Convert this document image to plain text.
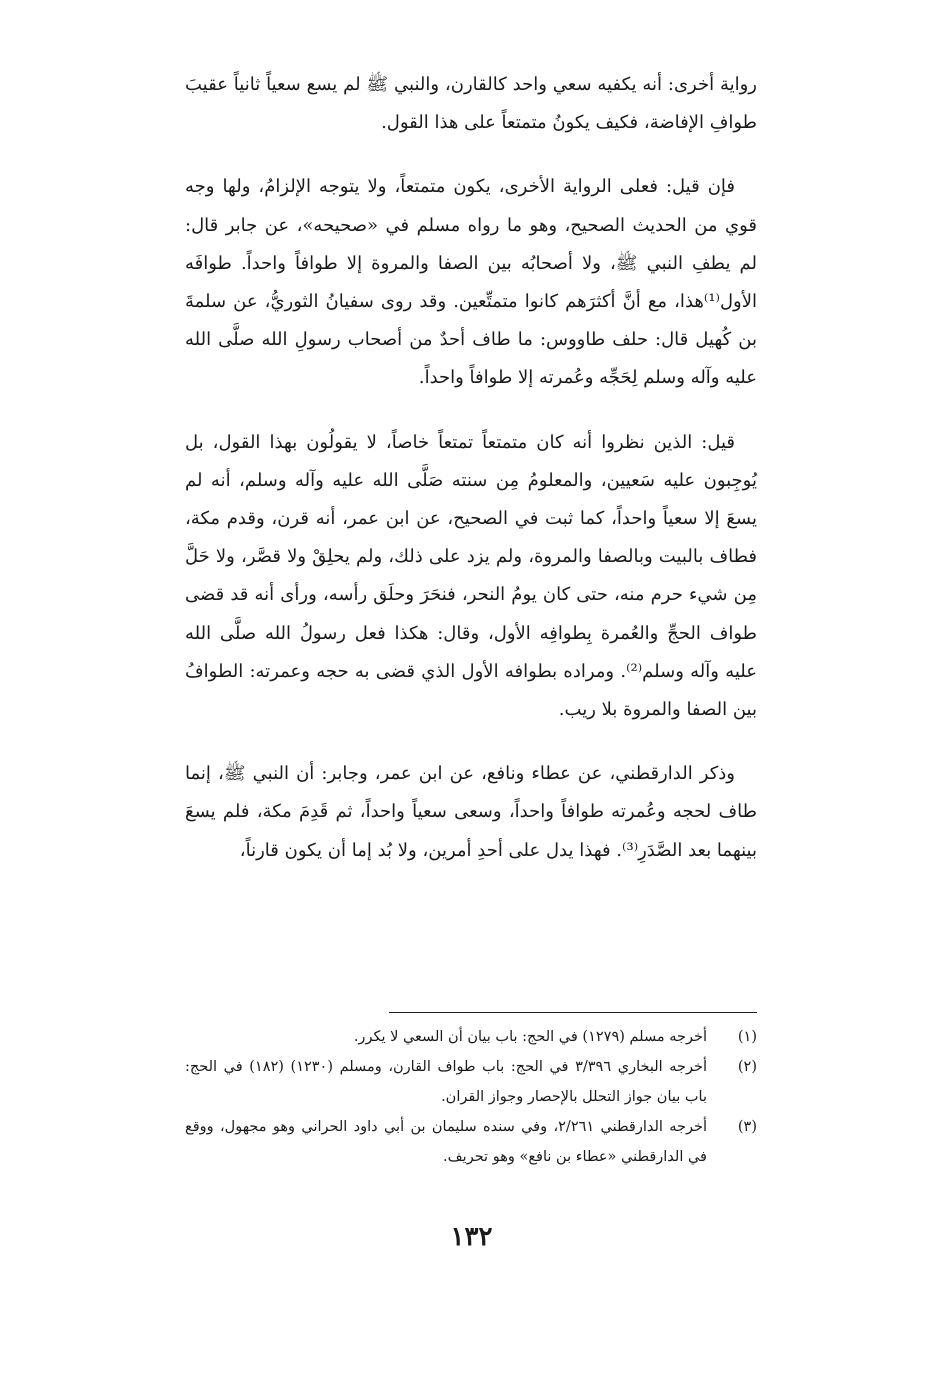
رواية أخرى: أنه يكفيه سعي واحد كالقارن، والنبي ﷺ لم يسع سعياً ثانياً عقيبَ طوافِ الإفاضة، فكيف يكونُ متمتعاً على هذا القول.

فإن قيل: فعلى الرواية الأخرى، يكون متمتعاً، ولا يتوجه الإلزامُ، ولها وجه قوي من الحديث الصحيح، وهو ما رواه مسلم في «صحيحه»، عن جابر قال: لم يطفِ النبي ﷺ، ولا أصحابُه بين الصفا والمروة إلا طوافاً واحداً. طوافَه الأول⁽¹⁾هذا، مع أنَّ أكثرَهم كانوا متمتِّعين. وقد روى سفيانُ الثوريُّ، عن سلمةَ بن كُهيل قال: حلف طاووس: ما طاف أحدٌ من أصحاب رسولِ الله صلَّى الله عليه وآله وسلم لِحَجِّه وعُمرته إلا طوافاً واحداً.

قيل: الذين نظروا أنه كان متمتعاً تمتعاً خاصاً، لا يقولُون بهذا القول، بل يُوجِبون عليه سَعيين، والمعلومُ مِن سنته صَلَّى الله عليه وآله وسلم، أنه لم يسعَ إلا سعياً واحداً، كما ثبت في الصحيح، عن ابن عمر، أنه قرن، وقدم مكة، فطاف بالبيت وبالصفا والمروة، ولم يزد على ذلك، ولم يحلِقْ ولا قصَّر، ولا حَلَّ مِن شيء حرم منه، حتى كان يومُ النحر، فنحَرَ وحلَق رأسه، ورأى أنه قد قضى طواف الحجِّ والعُمرة بِطوافِه الأول، وقال: هكذا فعل رسولُ الله صلَّى الله عليه وآله وسلم⁽²⁾. ومراده بطوافه الأول الذي قضى به حجه وعمرته: الطوافُ بين الصفا والمروة بلا ريب.

وذكر الدارقطني، عن عطاء ونافع، عن ابن عمر، وجابر: أن النبي ﷺ، إنما طاف لحجه وعُمرته طوافاً واحداً، وسعى سعياً واحداً، ثم قَدِمَ مكة، فلم يسعَ بينهما بعد الصَّدَرِ⁽³⁾. فهذا يدل على أحدِ أمرين، ولا بُد إما أن يكون قارناً،

(١)
أخرجه مسلم (١٢٧٩) في الحج: باب بيان أن السعي لا يكرر.
(٢)
أخرجه البخاري ٣/٣٩٦ في الحج: باب طواف القارن، ومسلم (١٢٣٠) (١٨٢) في الحج: باب بيان جواز التحلل بالإحصار وجواز القران.
(٣)
أخرجه الدارقطني ٢/٢٦١، وفي سنده سليمان بن أبي داود الحراني وهو مجهول، ووقع في الدارقطني «عطاء بن نافع» وهو تحريف.
١٣٢
